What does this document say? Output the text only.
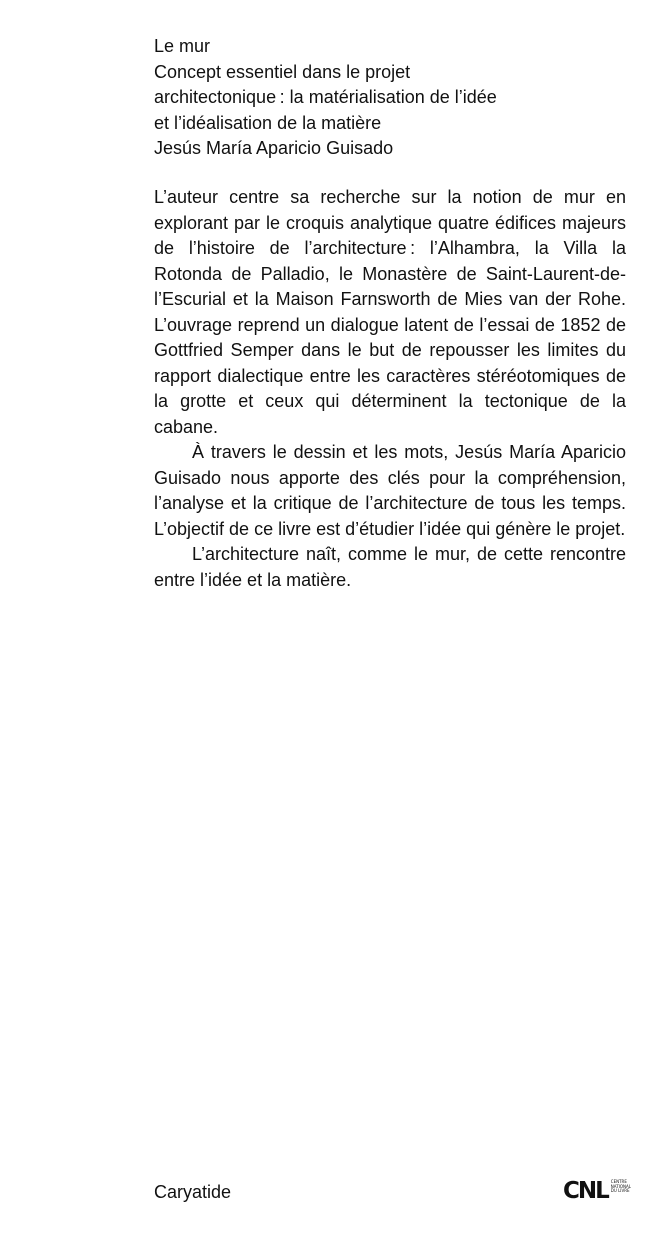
Le mur
Concept essentiel dans le projet
architectonique : la matérialisation de l’idée
et l’idéalisation de la matière
Jesús María Aparicio Guisado

L’auteur centre sa recherche sur la notion de mur en explorant par le croquis analytique quatre édifices majeurs de l’histoire de l’architecture : l’Alhambra, la Villa la Rotonda de Palladio, le Monastère de Saint-Laurent-de-l’Escurial et la Maison Farnsworth de Mies van der Rohe. L’ouvrage reprend un dialogue latent de l’essai de 1852 de Gottfried Semper dans le but de repousser les limites du rapport dialectique entre les caractères stéréotomiques de la grotte et ceux qui déterminent la tectonique de la cabane.

À travers le dessin et les mots, Jesús María Aparicio Guisado nous apporte des clés pour la compréhension, l’analyse et la critique de l’architecture de tous les temps. L’objectif de ce livre est d’étudier l’idée qui génère le projet.

L’architecture naît, comme le mur, de cette rencontre entre l’idée et la matière.

Caryatide	CNL CENTRE
NATIONAL
DU LIVRE
